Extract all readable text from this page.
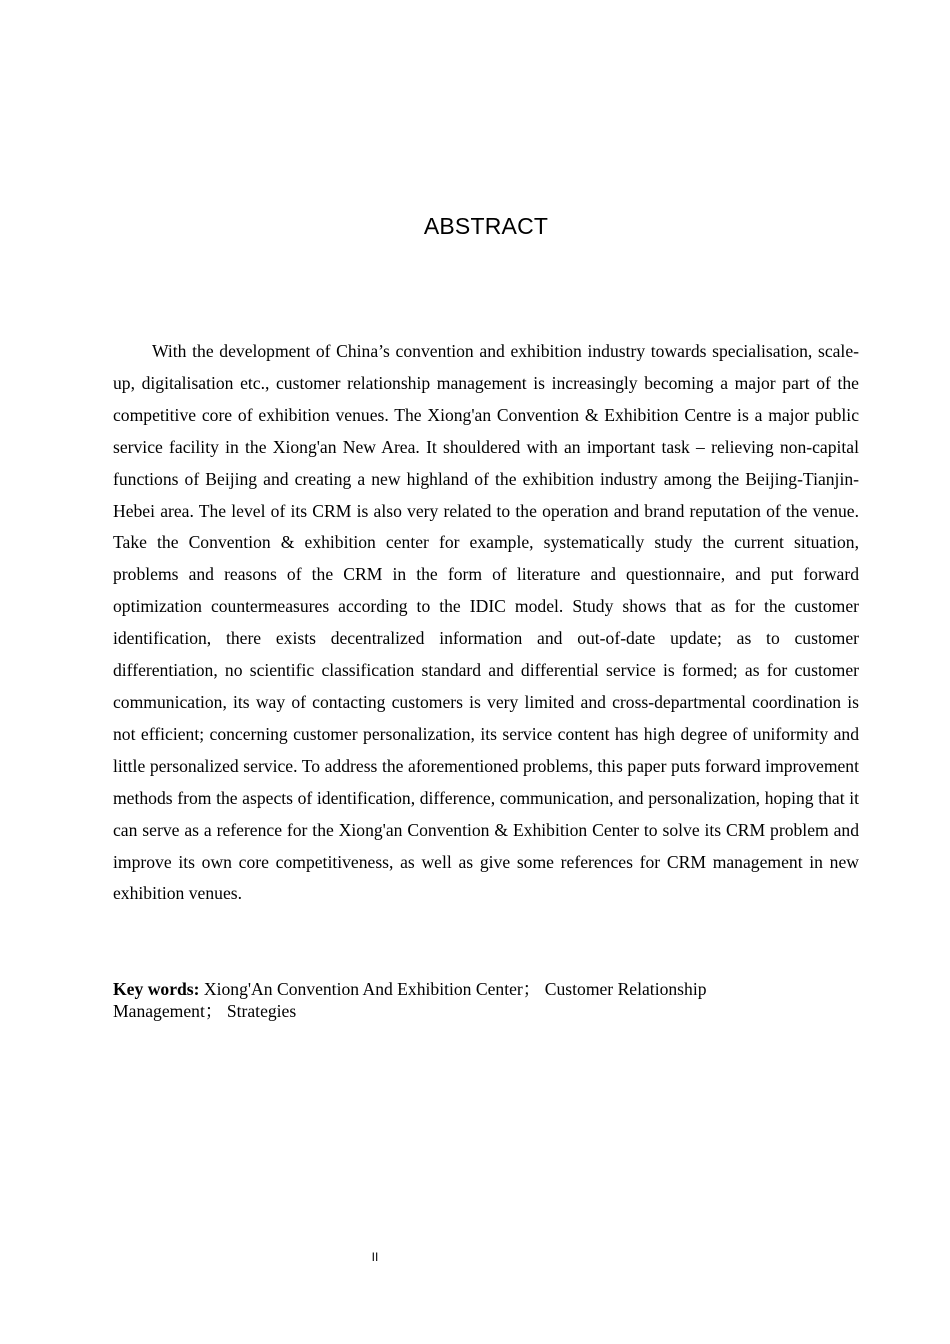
ABSTRACT

With the development of China’s convention and exhibition industry towards specialisation, scale-up, digitalisation etc., customer relationship management is increasingly becoming a major part of the competitive core of exhibition venues. The Xiong'an Convention & Exhibition Centre is a major public service facility in the Xiong'an New Area. It shouldered with an important task – relieving non-capital functions of Beijing and creating a new highland of the exhibition industry among the Beijing-Tianjin-Hebei area. The level of its CRM is also very related to the operation and brand reputation of the venue. Take the Convention & exhibition center for example, systematically study the current situation, problems and reasons of the CRM in the form of literature and questionnaire, and put forward optimization countermeasures according to the IDIC model. Study shows that as for the customer identification, there exists decentralized information and out-of-date update; as to customer differentiation, no scientific classification standard and differential service is formed; as for customer communication, its way of contacting customers is very limited and cross-departmental coordination is not efficient; concerning customer personalization, its service content has high degree of uniformity and little personalized service. To address the aforementioned problems, this paper puts forward improvement methods from the aspects of identification, difference, communication, and personalization, hoping that it can serve as a reference for the Xiong'an Convention & Exhibition Center to solve its CRM problem and improve its own core competitiveness, as well as give some references for CRM management in new exhibition venues.

Key words: Xiong'An Convention And Exhibition Center； Customer Relationship Management； Strategies

II
